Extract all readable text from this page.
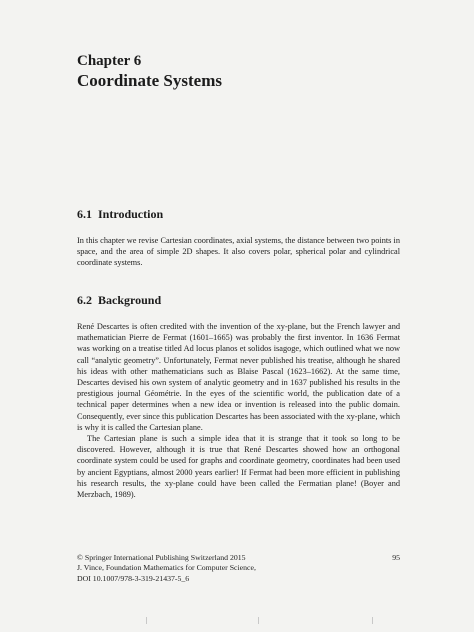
Chapter 6
Coordinate Systems
6.1 Introduction

In this chapter we revise Cartesian coordinates, axial systems, the distance between two points in space, and the area of simple 2D shapes. It also covers polar, spherical polar and cylindrical coordinate systems.

6.2 Background

René Descartes is often credited with the invention of the xy-plane, but the French lawyer and mathematician Pierre de Fermat (1601–1665) was probably the first inventor. In 1636 Fermat was working on a treatise titled Ad locus planos et solidos isagoge, which outlined what we now call “analytic geometry”. Unfortunately, Fermat never published his treatise, although he shared his ideas with other mathematicians such as Blaise Pascal (1623–1662). At the same time, Descartes devised his own system of analytic geometry and in 1637 published his results in the prestigious journal Géométrie. In the eyes of the scientific world, the publication date of a technical paper determines when a new idea or invention is released into the public domain. Consequently, ever since this publication Descartes has been associated with the xy-plane, which is why it is called the Cartesian plane.

The Cartesian plane is such a simple idea that it is strange that it took so long to be discovered. However, although it is true that René Descartes showed how an orthogonal coordinate system could be used for graphs and coordinate geometry, coordinates had been used by ancient Egyptians, almost 2000 years earlier! If Fermat had been more efficient in publishing his research results, the xy-plane could have been called the Fermatian plane! (Boyer and Merzbach, 1989).

© Springer International Publishing Switzerland 2015
J. Vince, Foundation Mathematics for Computer Science,
DOI 10.1007/978-3-319-21437-5_6
95
